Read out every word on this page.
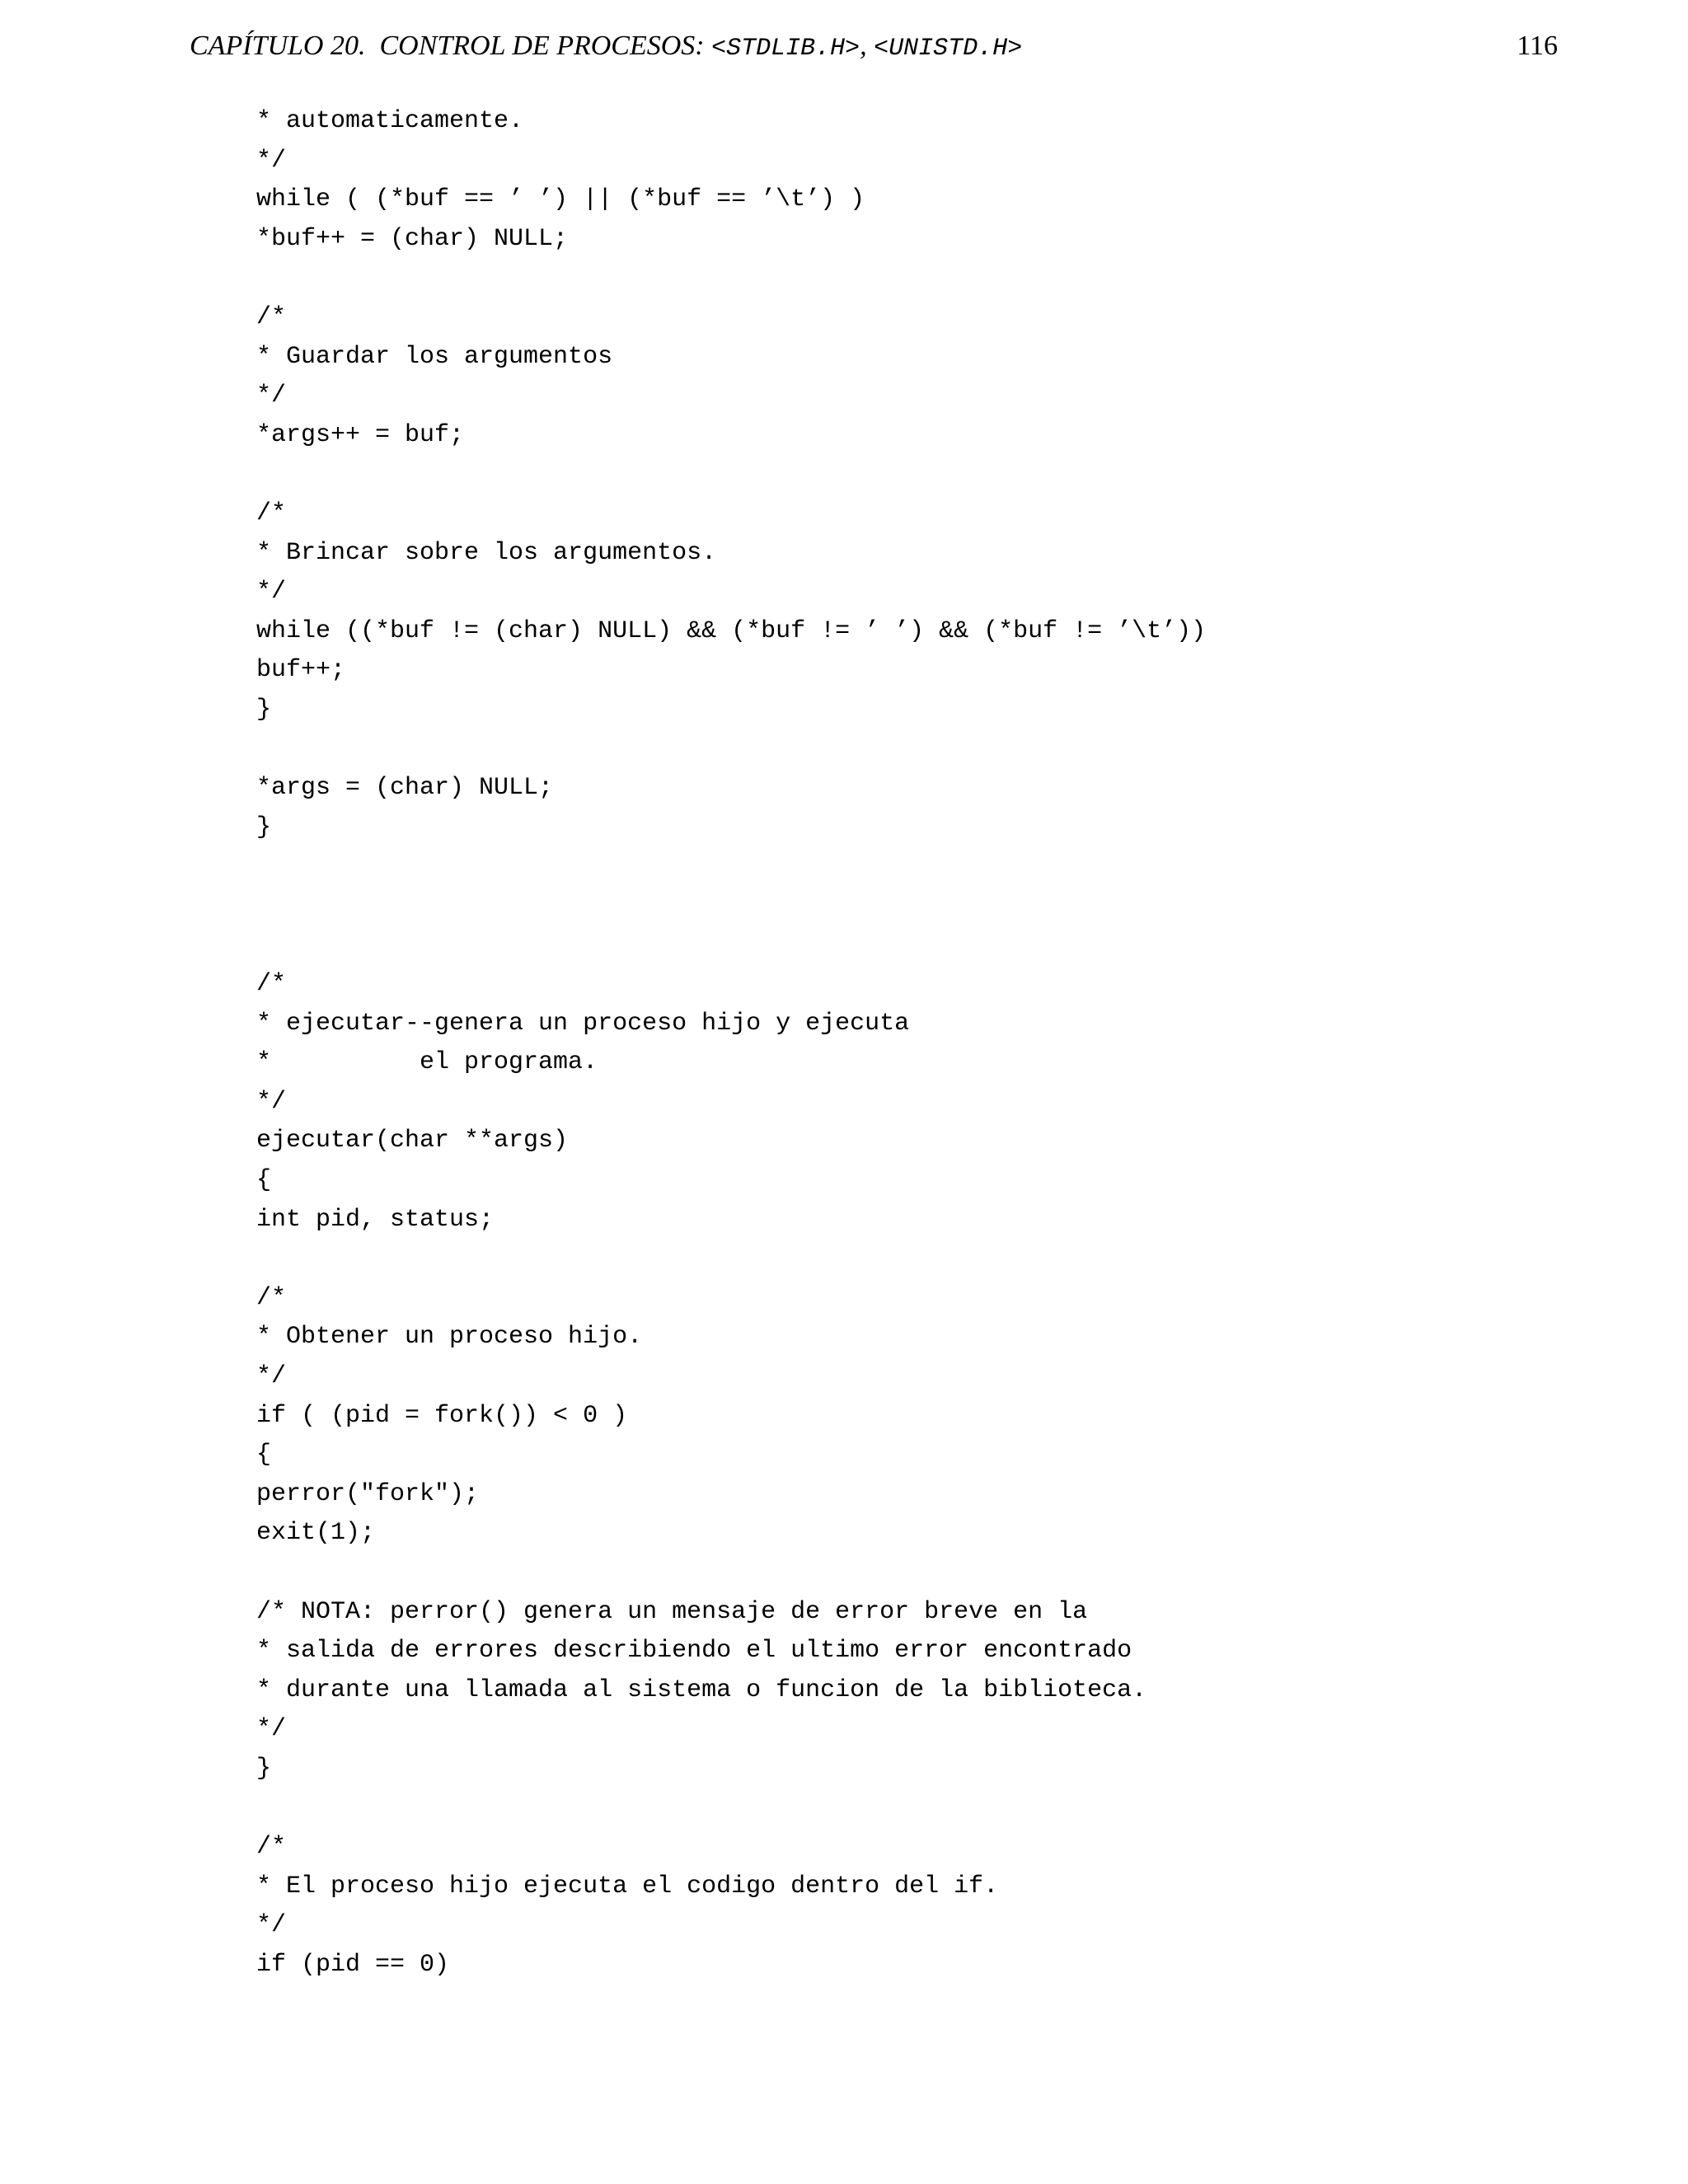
CAPÍTULO 20.  CONTROL DE PROCESOS: <STDLIB.H>, <UNISTD.H>	116
* automaticamente.
*/
while ( (*buf == ’ ’) || (*buf == ’\t’) )
*buf++ = (char) NULL;
/*
* Guardar los argumentos
*/
*args++ = buf;
/*
* Brincar sobre los argumentos.
*/
while ((*buf != (char) NULL) && (*buf != ’ ’) && (*buf != ’\t’))
buf++;
}
*args = (char) NULL;
}
/*
* ejecutar--genera un proceso hijo y ejecuta
*          el programa.
*/
ejecutar(char **args)
{
int pid, status;
/*
* Obtener un proceso hijo.
*/
if ( (pid = fork()) < 0 )
{
perror("fork");
exit(1);
/* NOTA: perror() genera un mensaje de error breve en la
* salida de errores describiendo el ultimo error encontrado
* durante una llamada al sistema o funcion de la biblioteca.
*/
}
/*
* El proceso hijo ejecuta el codigo dentro del if.
*/
if (pid == 0)
